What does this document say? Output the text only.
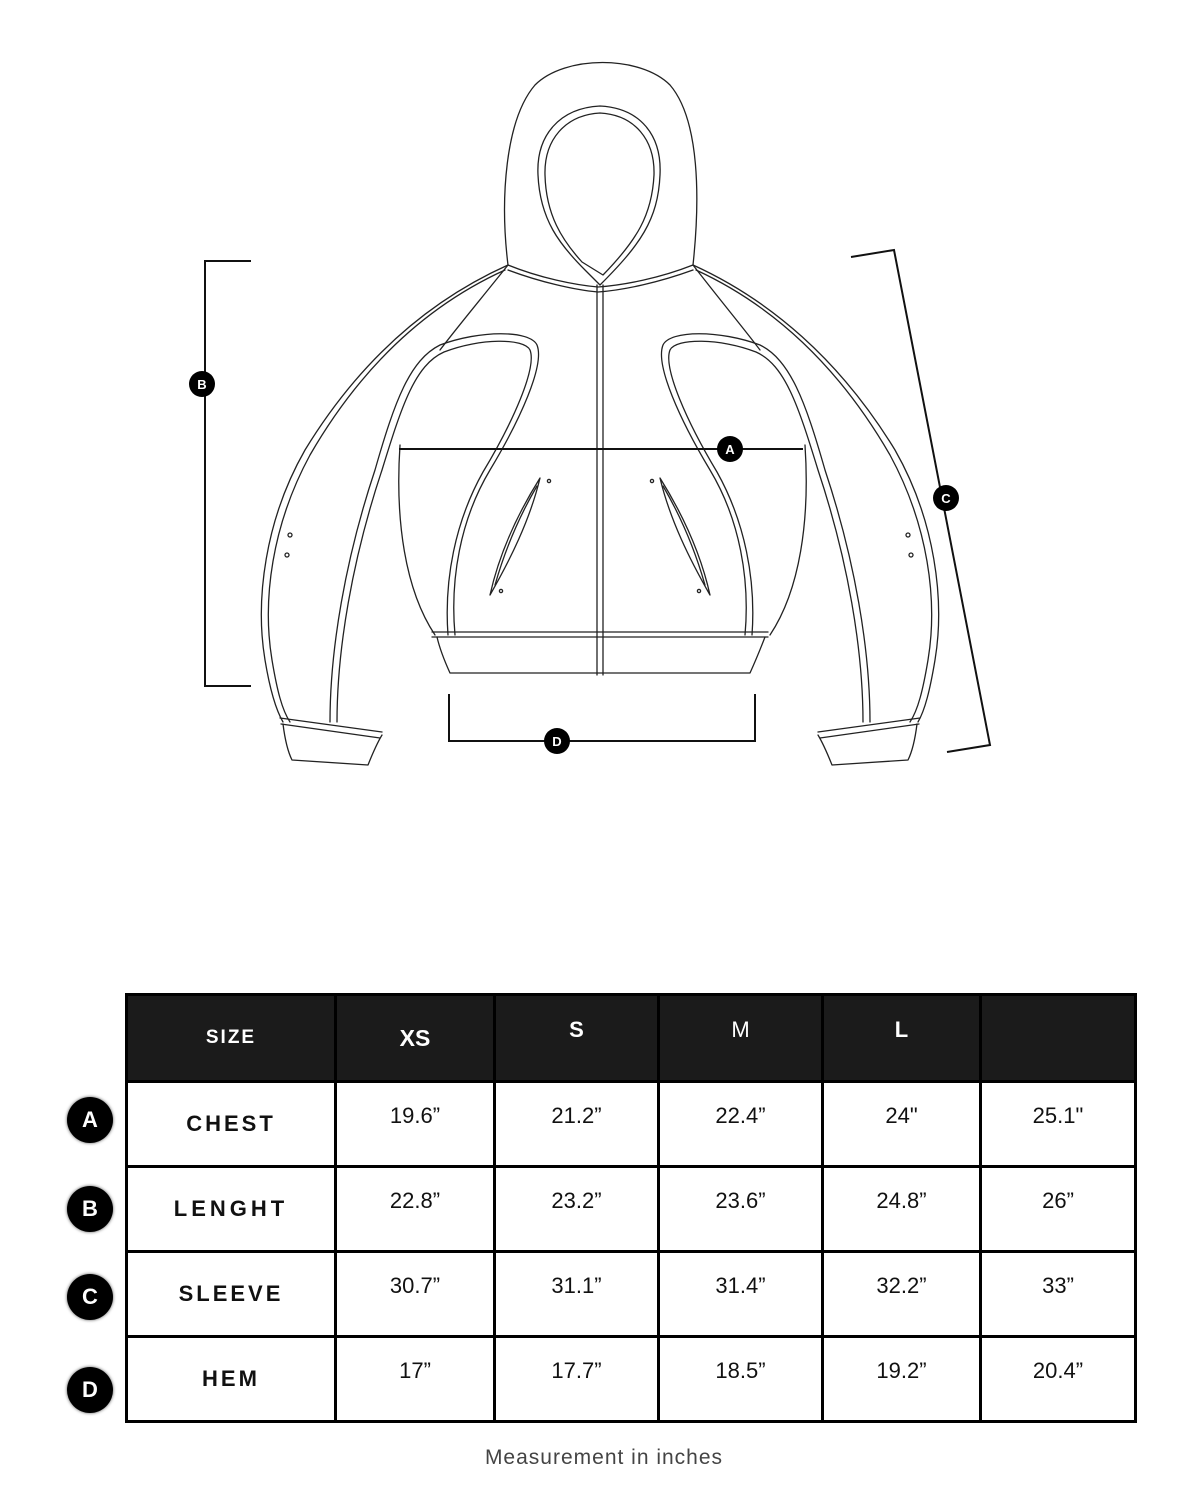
A
B
C
D
A
B
C
D
SIZE	XS	S	M	L	
CHEST	19.6”	21.2”	22.4”	24"	25.1"
LENGHT	22.8”	23.2”	23.6”	24.8”	26”
SLEEVE	30.7”	31.1”	31.4”	32.2”	33”
HEM	17”	17.7”	18.5”	19.2”	20.4”
Measurement in inches
